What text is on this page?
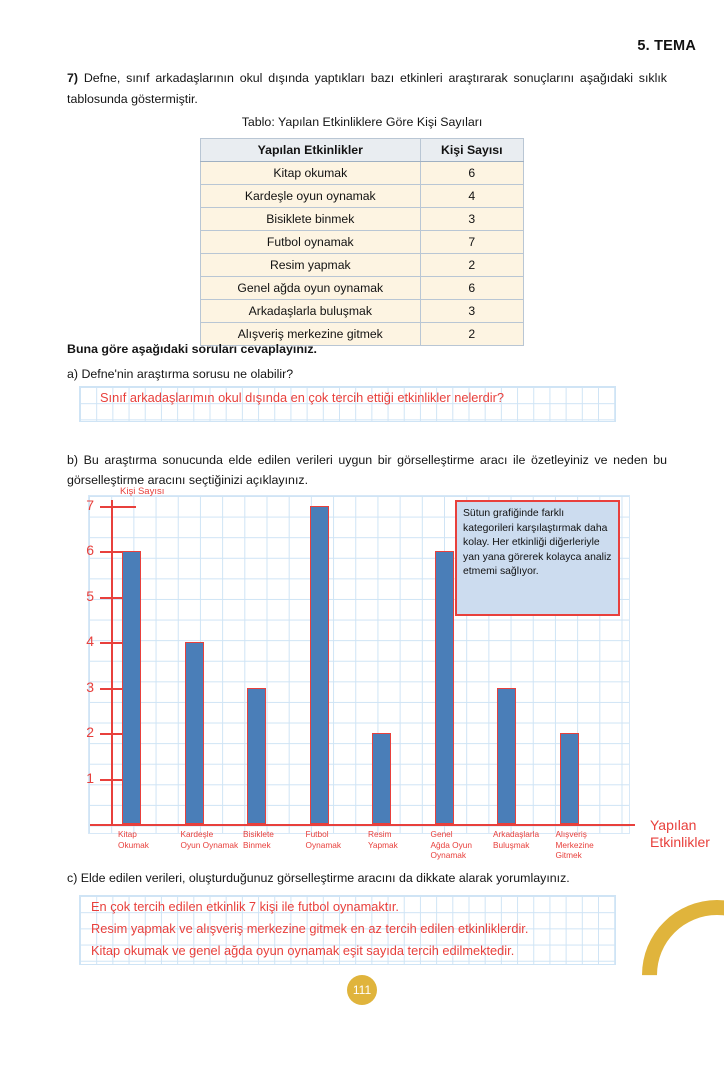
5. TEMA
7) Defne, sınıf arkadaşlarının okul dışında yaptıkları bazı etkinleri araştırarak sonuçlarını aşağıdaki sıklık tablosunda göstermiştir.
Tablo: Yapılan Etkinliklere Göre Kişi Sayıları
Yapılan Etkinlikler	Kişi Sayısı
Kitap okumak	6
Kardeşle oyun oynamak	4
Bisiklete binmek	3
Futbol oynamak	7
Resim yapmak	2
Genel ağda oyun oynamak	6
Arkadaşlarla buluşmak	3
Alışveriş merkezine gitmek	2
Buna göre aşağıdaki soruları cevaplayınız.
a) Defne'nin araştırma sorusu ne olabilir?
b) Bu araştırma sonucunda elde edilen verileri uygun bir görselleştirme aracı ile özetleyiniz ve neden bu görselleştirme aracını seçtiğinizi açıklayınız.
c) Elde edilen verileri, oluşturduğunuz görselleştirme aracını da dikkate alarak yorumlayınız.
Sınıf arkadaşlarımın okul dışında en çok tercih ettiği etkinlikler nelerdir?
Kişi Sayısı
Yapılan Etkinlikler
1
2
3
4
5
6
7
Kitap
Okumak
Kardeşle
Oyun Oynamak
Bisiklete
Binmek
Futbol
Oynamak
Resim
Yapmak
Genel
Ağda Oyun Oynamak
Arkadaşlarla
Buluşmak
Alışveriş
Merkezine Gitmek
Sütun grafiğinde farklı kategorileri karşılaştırmak daha kolay. Her etkinliği diğerleriyle yan yana görerek kolayca analiz etmemi sağlıyor.
En çok tercih edilen etkinlik 7 kişi ile futbol oynamaktır.
Resim yapmak ve alışveriş merkezine gitmek en az tercih edilen etkinliklerdir.
Kitap okumak ve genel ağda oyun oynamak eşit sayıda tercih edilmektedir.
111
